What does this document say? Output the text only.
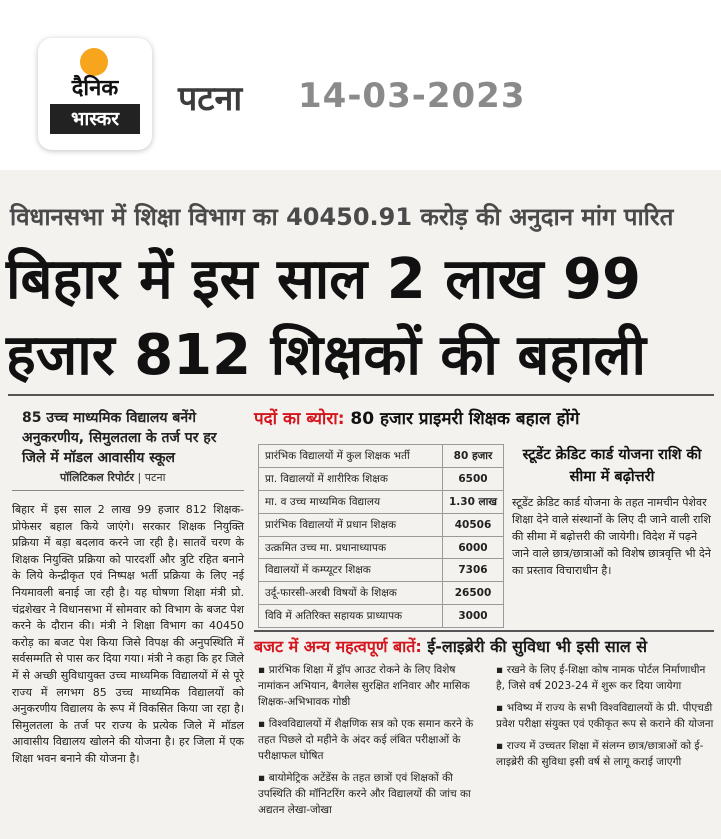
दैनिक
भास्कर	पटना 14-03-2023
विधानसभा में शिक्षा विभाग का 40450.91 करोड़ की अनुदान मांग पारित
बिहार में इस साल 2 लाख 99
हजार 812 शिक्षकों की बहाली
85 उच्च माध्यमिक विद्यालय बनेंगे अनुकरणीय, सिमुलतला के तर्ज पर हर जिले में मॉडल आवासीय स्कूल
पॉलिटिकल रिपोर्टर | पटना
बिहार में इस साल 2 लाख 99 हजार 812 शिक्षक-प्रोफेसर बहाल किये जाएंगे। सरकार शिक्षक नियुक्ति प्रक्रिया में बड़ा बदलाव करने जा रही है। सातवें चरण के शिक्षक नियुक्ति प्रक्रिया को पारदर्शी और त्रुटि रहित बनाने के लिये केन्द्रीकृत एवं निष्पक्ष भर्ती प्रक्रिया के लिए नई नियमावली बनाई जा रही है। यह घोषणा शिक्षा मंत्री प्रो. चंद्रशेखर ने विधानसभा में सोमवार को विभाग के बजट पेश करने के दौरान की। मंत्री ने शिक्षा विभाग का 40450 करोड़ का बजट पेश किया जिसे विपक्ष की अनुपस्थिति में सर्वसम्मति से पास कर दिया गया। मंत्री ने कहा कि हर जिले में से अच्छी सुविधायुक्त उच्च माध्यमिक विद्यालयों में से पूरे राज्य में लगभग 85 उच्च माध्यमिक विद्यालयों को अनुकरणीय विद्यालय के रूप में विकसित किया जा रहा है। सिमुलतला के तर्ज पर राज्य के प्रत्येक जिले में मॉडल आवासीय विद्यालय खोलने की योजना है। हर जिला में एक शिक्षा भवन बनाने की योजना है।
पदों का ब्योरा: 80 हजार प्राइमरी शिक्षक बहाल होंगे
प्रारंभिक विद्यालयों में कुल शिक्षक भर्ती	80 हजार
प्रा. विद्यालयों में शारीरिक शिक्षक	6500
मा. व उच्च माध्यमिक विद्यालय	1.30 लाख
प्रारंभिक विद्यालयों में प्रधान शिक्षक	40506
उत्क्रमित उच्च मा. प्रधानाध्यापक	6000
विद्यालयों में कम्प्यूटर शिक्षक	7306
उर्दू-फारसी-अरबी विषयों के शिक्षक	26500
विवि में अतिरिक्त सहायक प्राध्यापक	3000
स्टूडेंट क्रेडिट कार्ड योजना राशि की सीमा में बढ़ोत्तरी
स्टूडेंट क्रेडिट कार्ड योजना के तहत नामचीन पेशेवर शिक्षा देने वाले संस्थानों के लिए दी जाने वाली राशि की सीमा में बढ़ोत्तरी की जायेगी। विदेश में पढ़ने जाने वाले छात्र/छात्राओं को विशेष छात्रवृत्ति भी देने का प्रस्ताव विचाराधीन है।
बजट में अन्य महत्वपूर्ण बातें: ई-लाइब्रेरी की सुविधा भी इसी साल से
▪ प्रारंभिक शिक्षा में ड्रॉप आउट रोकने के लिए विशेष नामांकन अभियान, बैगलेस सुरक्षित शनिवार और मासिक शिक्षक-अभिभावक गोष्ठी
▪ विश्वविद्यालयों में शैक्षणिक सत्र को एक समान करने के तहत पिछले दो महीने के अंदर कई लंबित परीक्षाओं के परीक्षाफल घोषित
▪ बायोमेट्रिक अटेंडेंस के तहत छात्रों एवं शिक्षकों की उपस्थिति की मॉनिटरिंग करने और विद्यालयों की जांच का अद्यतन लेखा-जोखा
▪ रखने के लिए ई-शिक्षा कोष नामक पोर्टल निर्माणाधीन है, जिसे वर्ष 2023-24 में शुरू कर दिया जायेगा
▪ भविष्य में राज्य के सभी विश्वविद्यालयों के प्री. पीएचडी प्रवेश परीक्षा संयुक्त एवं एकीकृत रूप से कराने की योजना
▪ राज्य में उच्चतर शिक्षा में संलग्न छात्र/छात्राओं को ई-लाइब्रेरी की सुविधा इसी वर्ष से लागू कराई जाएगी
